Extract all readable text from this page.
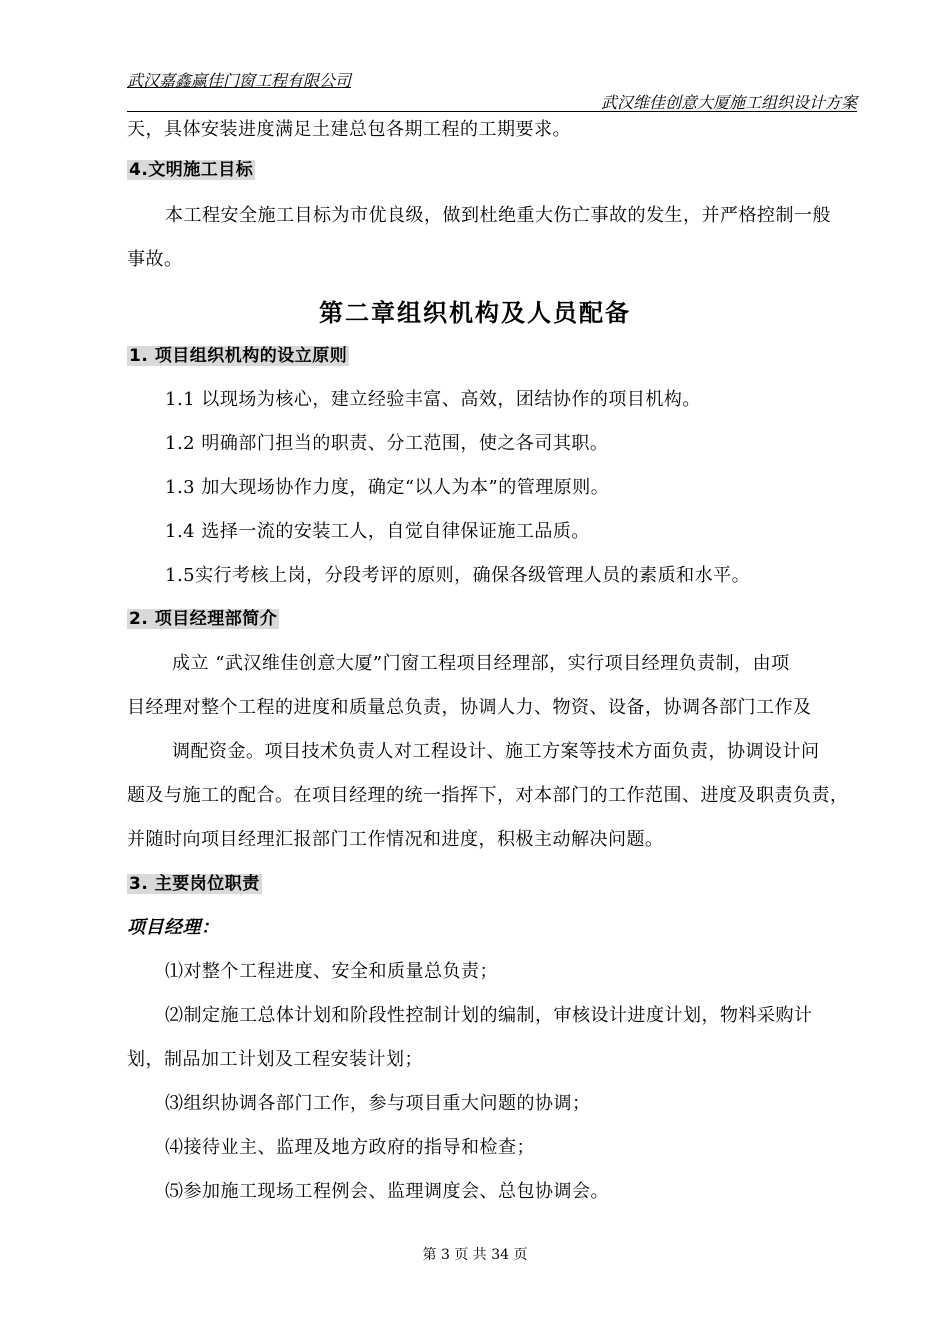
武汉嘉鑫赢佳门窗工程有限公司
武汉维佳创意大厦施工组织设计方案
天，具体安装进度满足土建总包各期工程的工期要求。
4.文明施工目标
本工程安全施工目标为市优良级，做到杜绝重大伤亡事故的发生，并严格控制一般
事故。
第二章组织机构及人员配备
1. 项目组织机构的设立原则
1.1 以现场为核心，建立经验丰富、高效，团结协作的项目机构。
1.2 明确部门担当的职责、分工范围，使之各司其职。
1.3 加大现场协作力度，确定“以人为本”的管理原则。
1.4 选择一流的安装工人，自觉自律保证施工品质。
1.5实行考核上岗，分段考评的原则，确保各级管理人员的素质和水平。
2. 项目经理部简介
成立 “武汉维佳创意大厦”门窗工程项目经理部，实行项目经理负责制，由项
目经理对整个工程的进度和质量总负责，协调人力、物资、设备，协调各部门工作及
调配资金。项目技术负责人对工程设计、施工方案等技术方面负责，协调设计问
题及与施工的配合。在项目经理的统一指挥下，对本部门的工作范围、进度及职责负责，
并随时向项目经理汇报部门工作情况和进度，积极主动解决问题。
3. 主要岗位职责
项目经理：
⑴对整个工程进度、安全和质量总负责；
⑵制定施工总体计划和阶段性控制计划的编制，审核设计进度计划，物料采购计
划，制品加工计划及工程安装计划；
⑶组织协调各部门工作，参与项目重大问题的协调；
⑷接待业主、监理及地方政府的指导和检查；
⑸参加施工现场工程例会、监理调度会、总包协调会。
第 3 页 共 34 页
